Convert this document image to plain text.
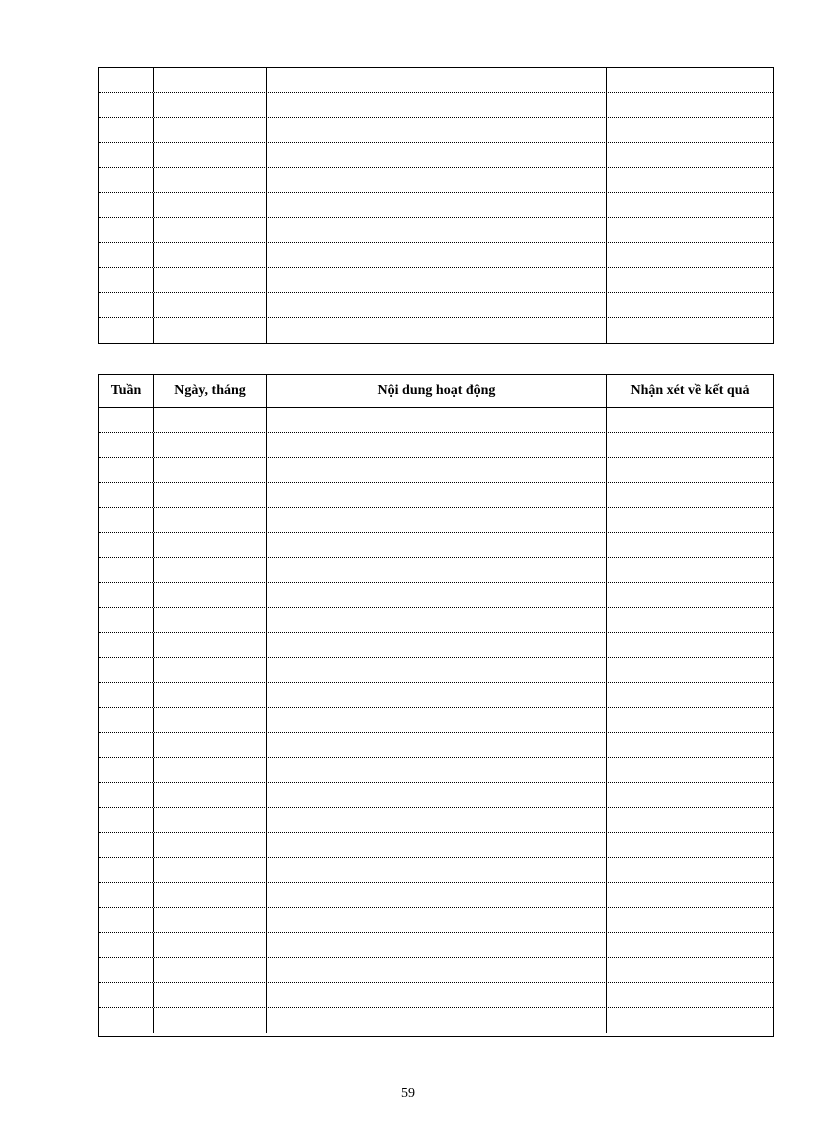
Tuần	Ngày, tháng	Nội dung hoạt động	Nhận xét về kết quả
59
